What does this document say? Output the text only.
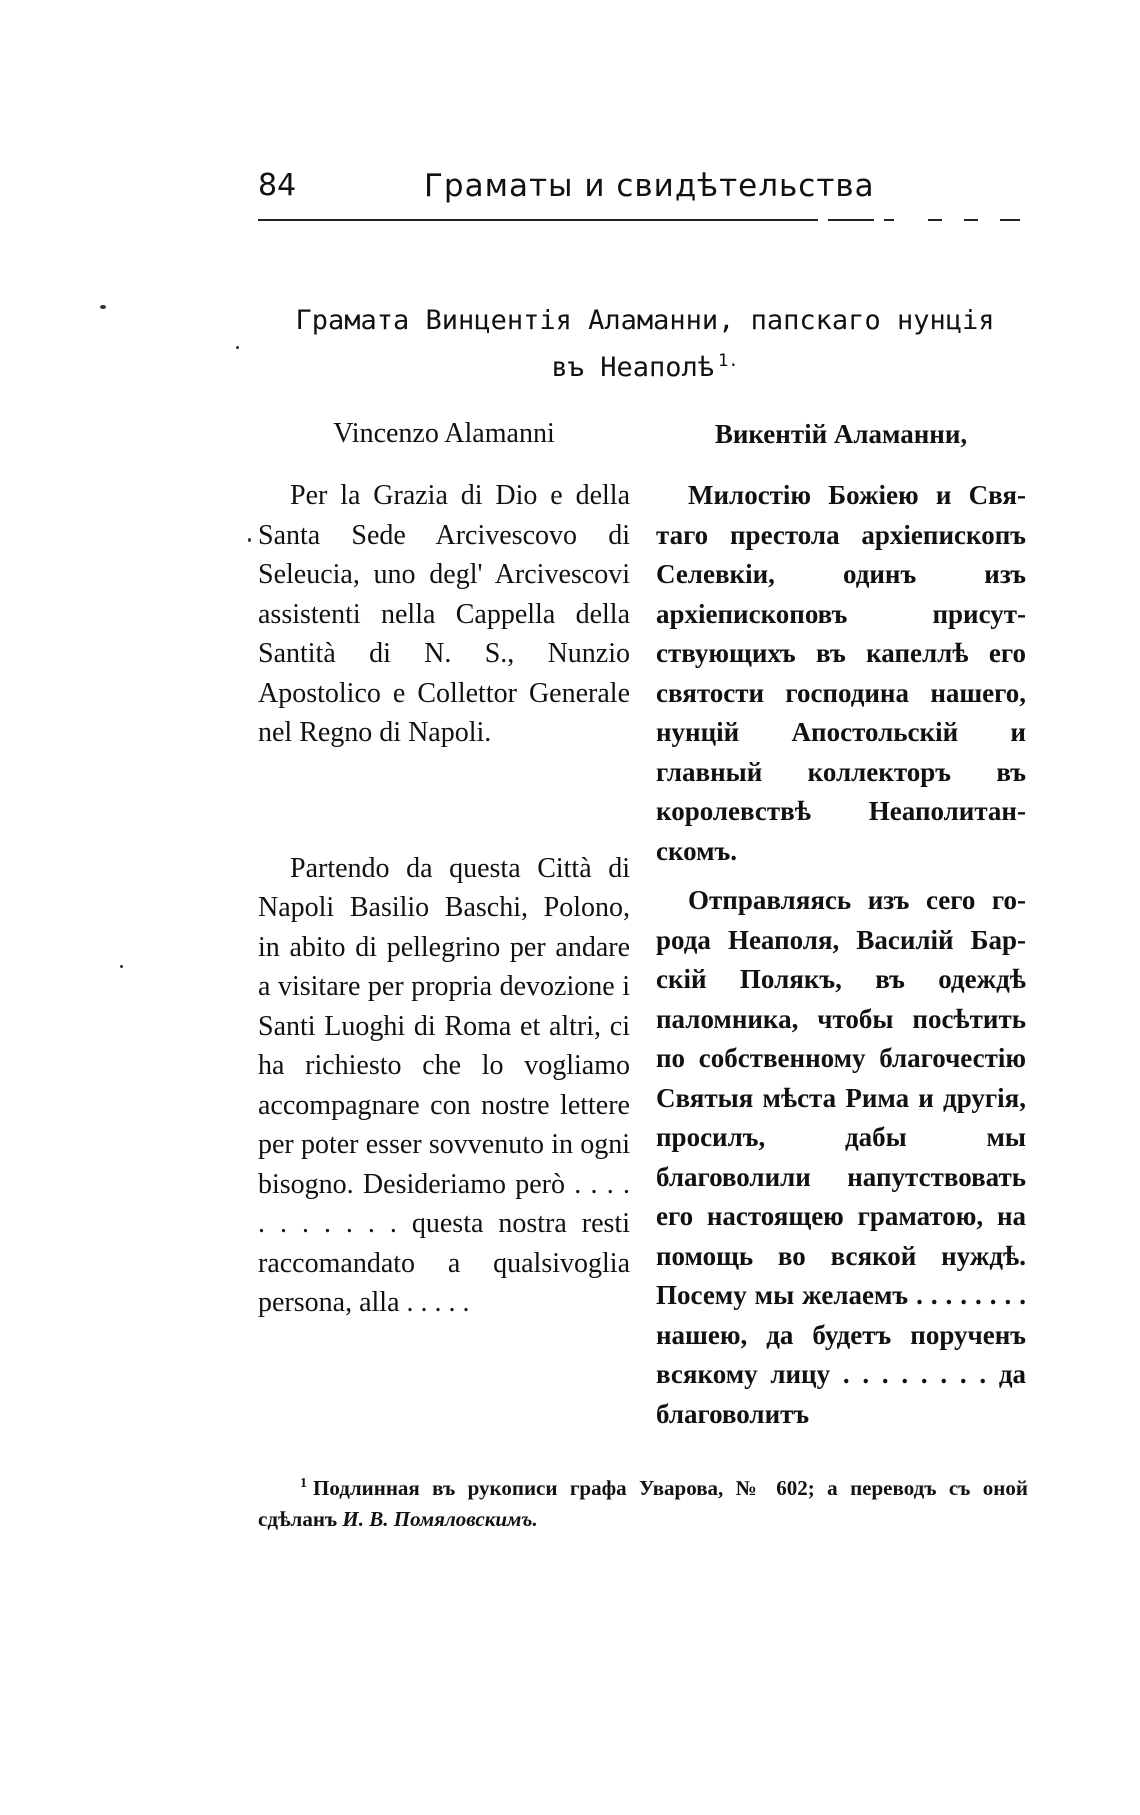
84	Граматы и свидѣтельства
Грамата Винцентія Аламанни, папскаго нунція
въ Неаполѣ $^{1.}$

Vincenzo Alamanni

Per la Grazia di Dio e della Santa Sede Arcivescovo di Seleucia, uno degl' Arcivescovi assistenti nella Cappella della Santità di N. S., Nunzio Apostolico e Collettor Generale nel Regno di Napoli.

Partendo da questa Città di Napoli Basilio Baschi, Polono, in abito di pellegrino per andare a visitare per propria devozione i Santi Luoghi di Roma et altri, ci ha richiesto che lo vogliamo accompagnare con nostre lettere per poter esser sovvenuto in ogni bisogno. Desideriamo però . . . . . . . . . . . questa nostra resti raccomandato a qualsivoglia persona, alla . . . . .

Викентій Аламанни,

Милостію Божіею и Святаго престола архіепископъ Селевкіи, одинъ изъ архіепископовъ присутствующихъ въ капеллѣ его святости господина нашего, нунцій Апостольскій и главный коллекторъ въ королевствѣ Неаполитанскомъ.

Отправляясь изъ сего города Неаполя, Василій Барскій Полякъ, въ одеждѣ паломника, чтобы посѣтить по собственному благочестію Святыя мѣста Рима и другія, просилъ, дабы мы благоволили напутствовать его настоящею граматою, на помощь во всякой нуждѣ. Посему мы желаемъ . . . . . . . . нашею, да будетъ порученъ всякому лицу . . . . . . . . да благоволитъ

$^1$ Подлинная въ рукописи графа Уварова, № 602; а переводъ съ оной сдѣланъ И. В. Помяловскимъ.
